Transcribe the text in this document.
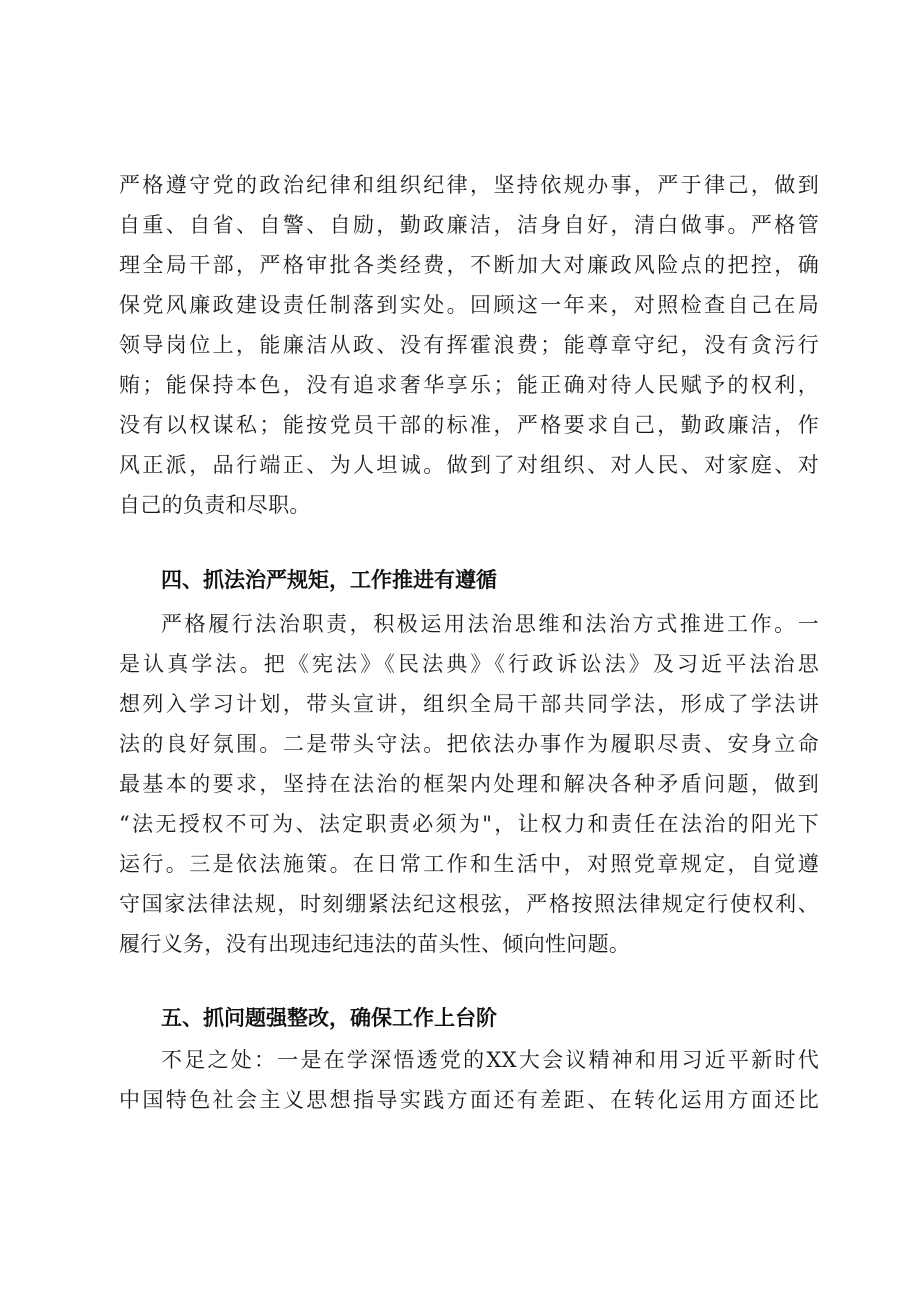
严格遵守党的政治纪律和组织纪律，坚持依规办事，严于律己，做到
自重、自省、自警、自励，勤政廉洁，洁身自好，清白做事。严格管
理全局干部，严格审批各类经费，不断加大对廉政风险点的把控，确
保党风廉政建设责任制落到实处。回顾这一年来，对照检查自己在局
领导岗位上，能廉洁从政、没有挥霍浪费；能尊章守纪，没有贪污行
贿；能保持本色，没有追求奢华享乐；能正确对待人民赋予的权利，
没有以权谋私；能按党员干部的标准，严格要求自己，勤政廉洁，作
风正派，品行端正、为人坦诚。做到了对组织、对人民、对家庭、对
自己的负责和尽职。
四、抓法治严规矩，工作推进有遵循
严格履行法治职责，积极运用法治思维和法治方式推进工作。一
是认真学法。把《宪法》《民法典》《行政诉讼法》及习近平法治思
想列入学习计划，带头宣讲，组织全局干部共同学法，形成了学法讲
法的良好氛围。二是带头守法。把依法办事作为履职尽责、安身立命
最基本的要求，坚持在法治的框架内处理和解决各种矛盾问题，做到
“法无授权不可为、法定职责必须为"，让权力和责任在法治的阳光下
运行。三是依法施策。在日常工作和生活中，对照党章规定，自觉遵
守国家法律法规，时刻绷紧法纪这根弦，严格按照法律规定行使权利、
履行义务，没有出现违纪违法的苗头性、倾向性问题。
五、抓问题强整改，确保工作上台阶
不足之处：一是在学深悟透党的XX大会议精神和用习近平新时代
中国特色社会主义思想指导实践方面还有差距、在转化运用方面还比
